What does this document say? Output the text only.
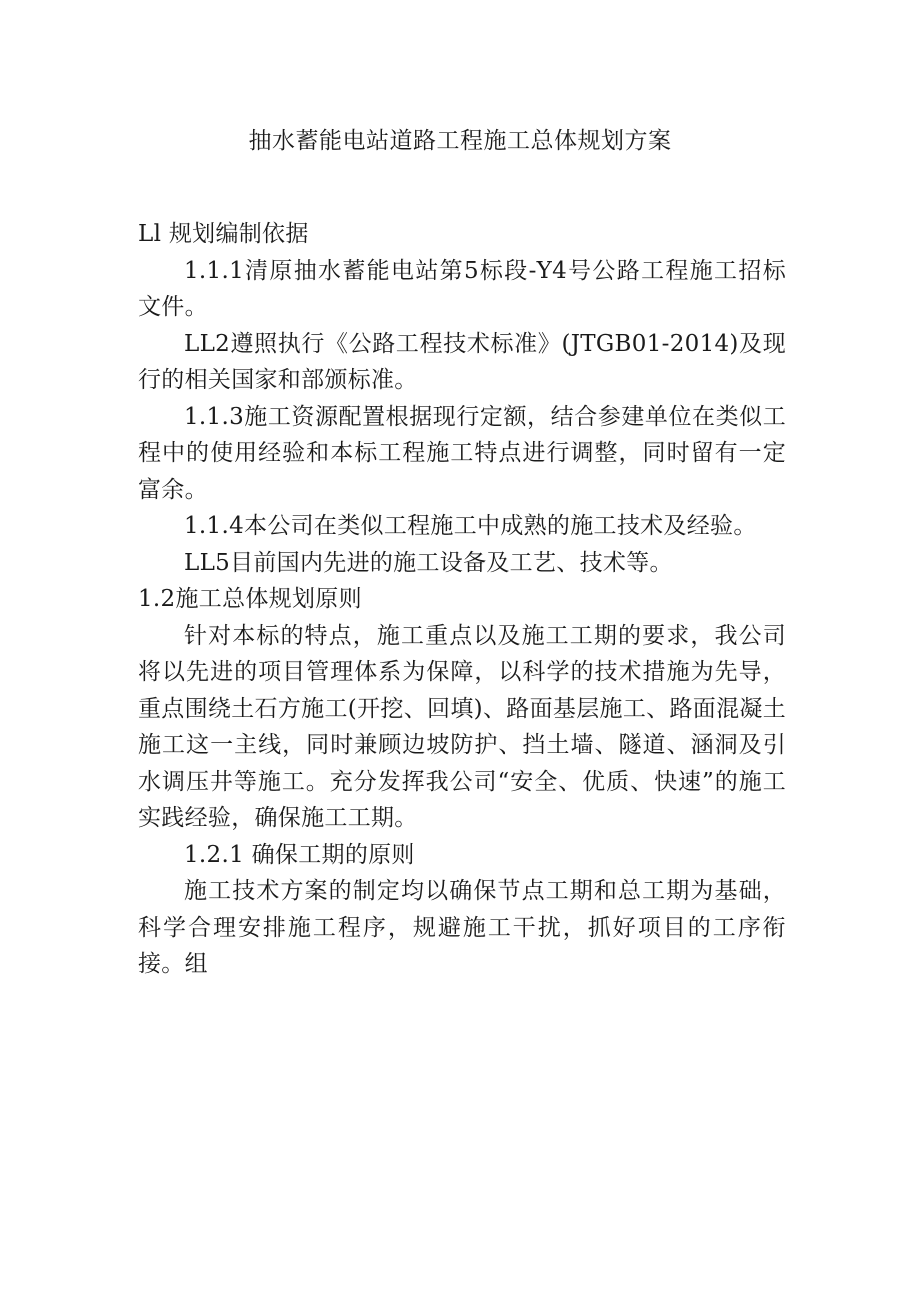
抽水蓄能电站道路工程施工总体规划方案

Ll 规划编制依据

1.1.1清原抽水蓄能电站第5标段-Y4号公路工程施工招标文件。

LL2遵照执行《公路工程技术标准》(JTGB01-2014)及现行的相关国家和部颁标准。

1.1.3施工资源配置根据现行定额，结合参建单位在类似工程中的使用经验和本标工程施工特点进行调整，同时留有一定富余。

1.1.4本公司在类似工程施工中成熟的施工技术及经验。

LL5目前国内先进的施工设备及工艺、技术等。

1.2施工总体规划原则

针对本标的特点，施工重点以及施工工期的要求，我公司将以先进的项目管理体系为保障，以科学的技术措施为先导，重点围绕土石方施工(开挖、回填)、路面基层施工、路面混凝土施工这一主线，同时兼顾边坡防护、挡土墙、隧道、涵洞及引水调压井等施工。充分发挥我公司“安全、优质、快速”的施工实践经验，确保施工工期。

1.2.1 确保工期的原则

施工技术方案的制定均以确保节点工期和总工期为基础，科学合理安排施工程序，规避施工干扰，抓好项目的工序衔接。组
